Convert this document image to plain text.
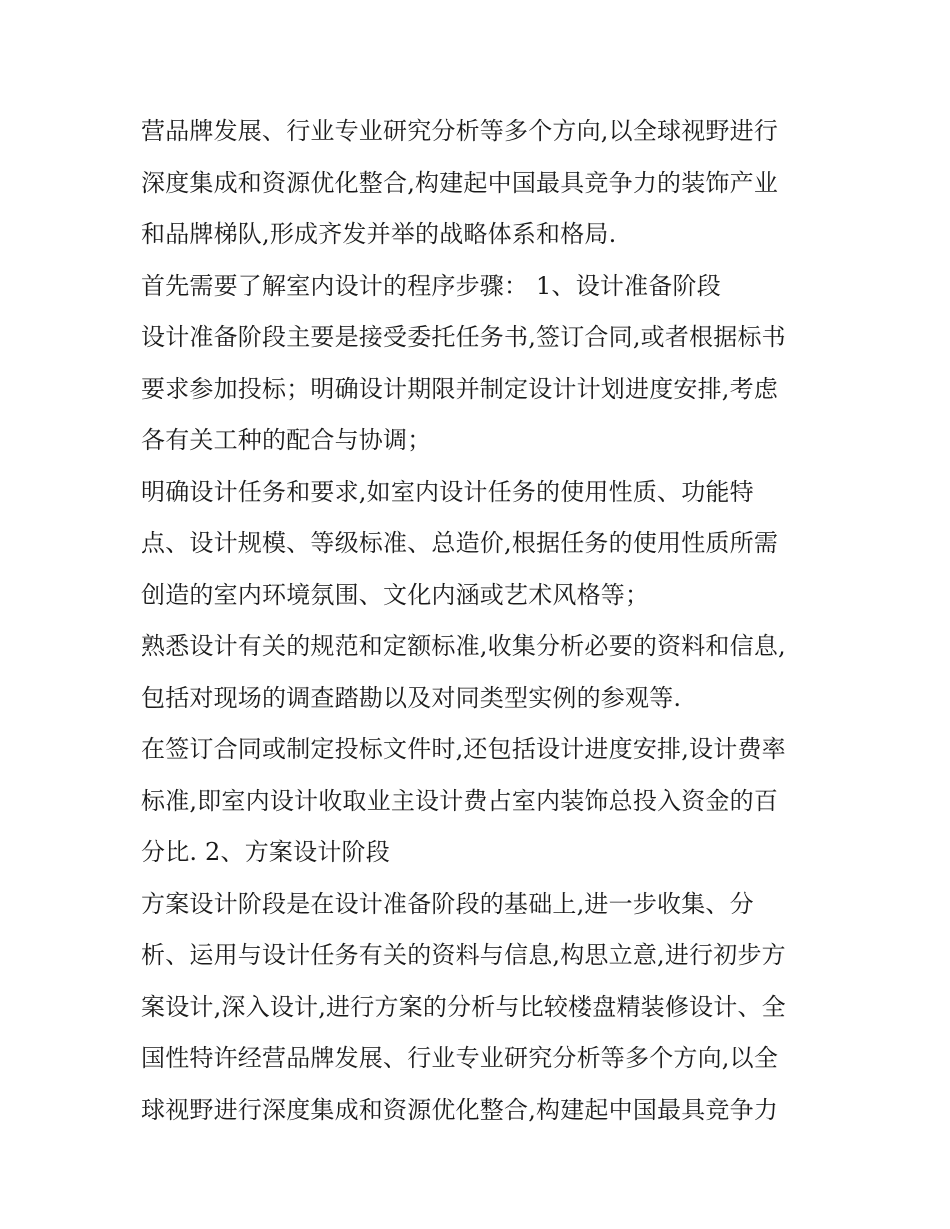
营品牌发展、行业专业研究分析等多个方向,以全球视野进行
深度集成和资源优化整合,构建起中国最具竞争力的装饰产业
和品牌梯队,形成齐发并举的战略体系和格局.
首先需要了解室内设计的程序步骤： 1、设计准备阶段
设计准备阶段主要是接受委托任务书,签订合同,或者根据标书
要求参加投标；明确设计期限并制定设计计划进度安排,考虑
各有关工种的配合与协调；
明确设计任务和要求,如室内设计任务的使用性质、功能特
点、设计规模、等级标准、总造价,根据任务的使用性质所需
创造的室内环境氛围、文化内涵或艺术风格等；
熟悉设计有关的规范和定额标准,收集分析必要的资料和信息,
包括对现场的调查踏勘以及对同类型实例的参观等.
在签订合同或制定投标文件时,还包括设计进度安排,设计费率
标准,即室内设计收取业主设计费占室内装饰总投入资金的百
分比. 2、方案设计阶段
方案设计阶段是在设计准备阶段的基础上,进一步收集、分
析、运用与设计任务有关的资料与信息,构思立意,进行初步方
案设计,深入设计,进行方案的分析与比较楼盘精装修设计、全
国性特许经营品牌发展、行业专业研究分析等多个方向,以全
球视野进行深度集成和资源优化整合,构建起中国最具竞争力
